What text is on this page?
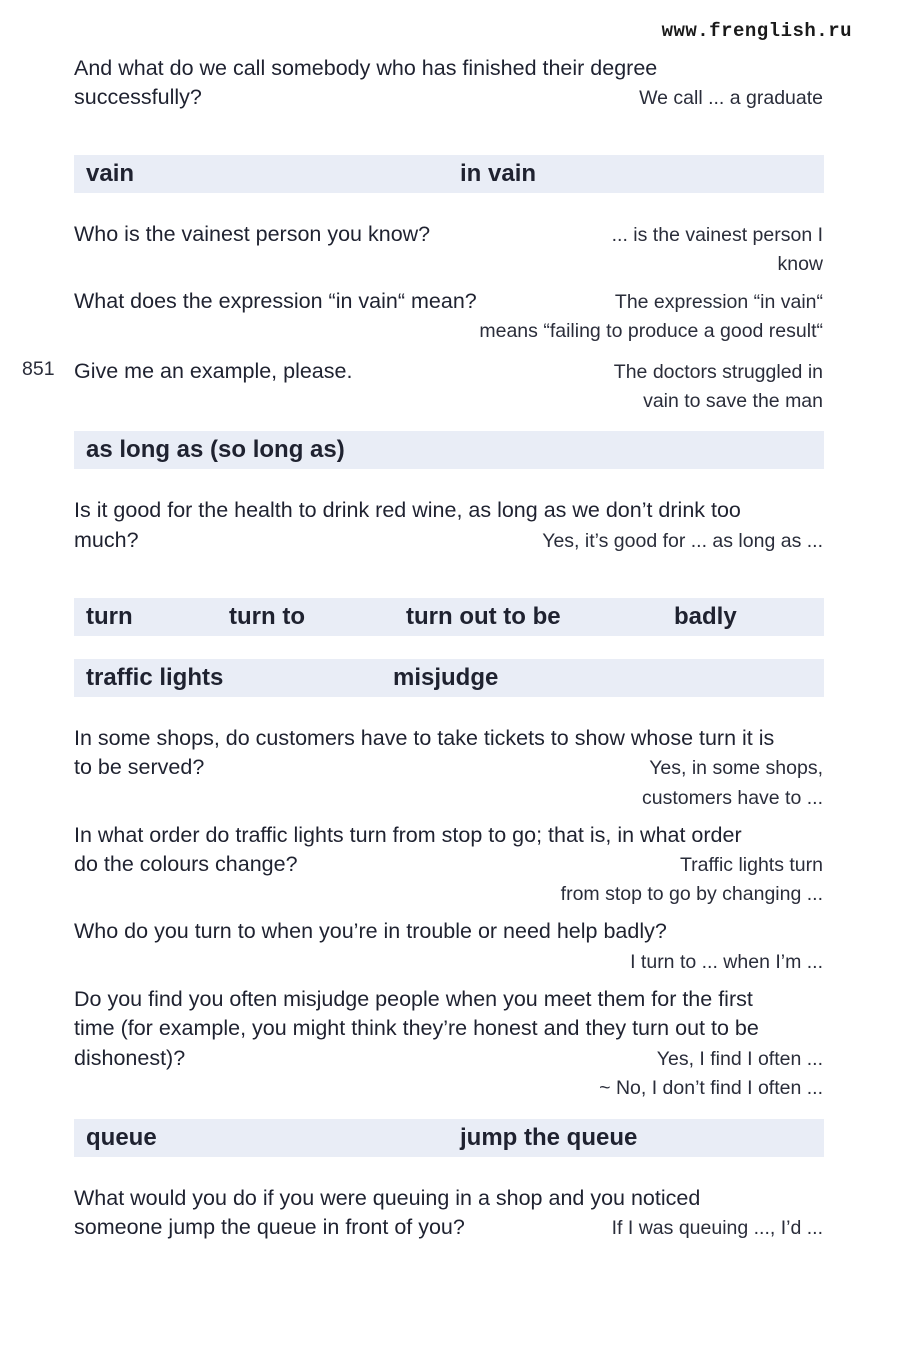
www.frenglish.ru
And what do we call somebody who has finished their degree
successfully?	We call ... a graduate
vain	in vain
Who is the vainest person you know?	... is the vainest person I
know
What does the expression “in vain“ mean?	The expression “in vain“
means “failing to produce a good result“
851 Give me an example, please.	The doctors struggled in
vain to save the man
as long as (so long as)
Is it good for the health to drink red wine, as long as we don’t drink too
much?	Yes, it’s good for ... as long as ...
turn	turn to	turn out to be	badly
traffic lights	misjudge
In some shops, do customers have to take tickets to show whose turn it is
to be served?	Yes, in some shops,
customers have to ...
In what order do traffic lights turn from stop to go; that is, in what order
do the colours change?	Traffic lights turn
from stop to go by changing ...
Who do you turn to when you’re in trouble or need help badly?
I turn to ... when I’m ...
Do you find you often misjudge people when you meet them for the first
time (for example, you might think they’re honest and they turn out to be
dishonest)?	Yes, I find I often ...
~ No, I don’t find I often ...
queue	jump the queue
What would you do if you were queuing in a shop and you noticed
someone jump the queue in front of you?	If I was queuing ..., I’d ...
